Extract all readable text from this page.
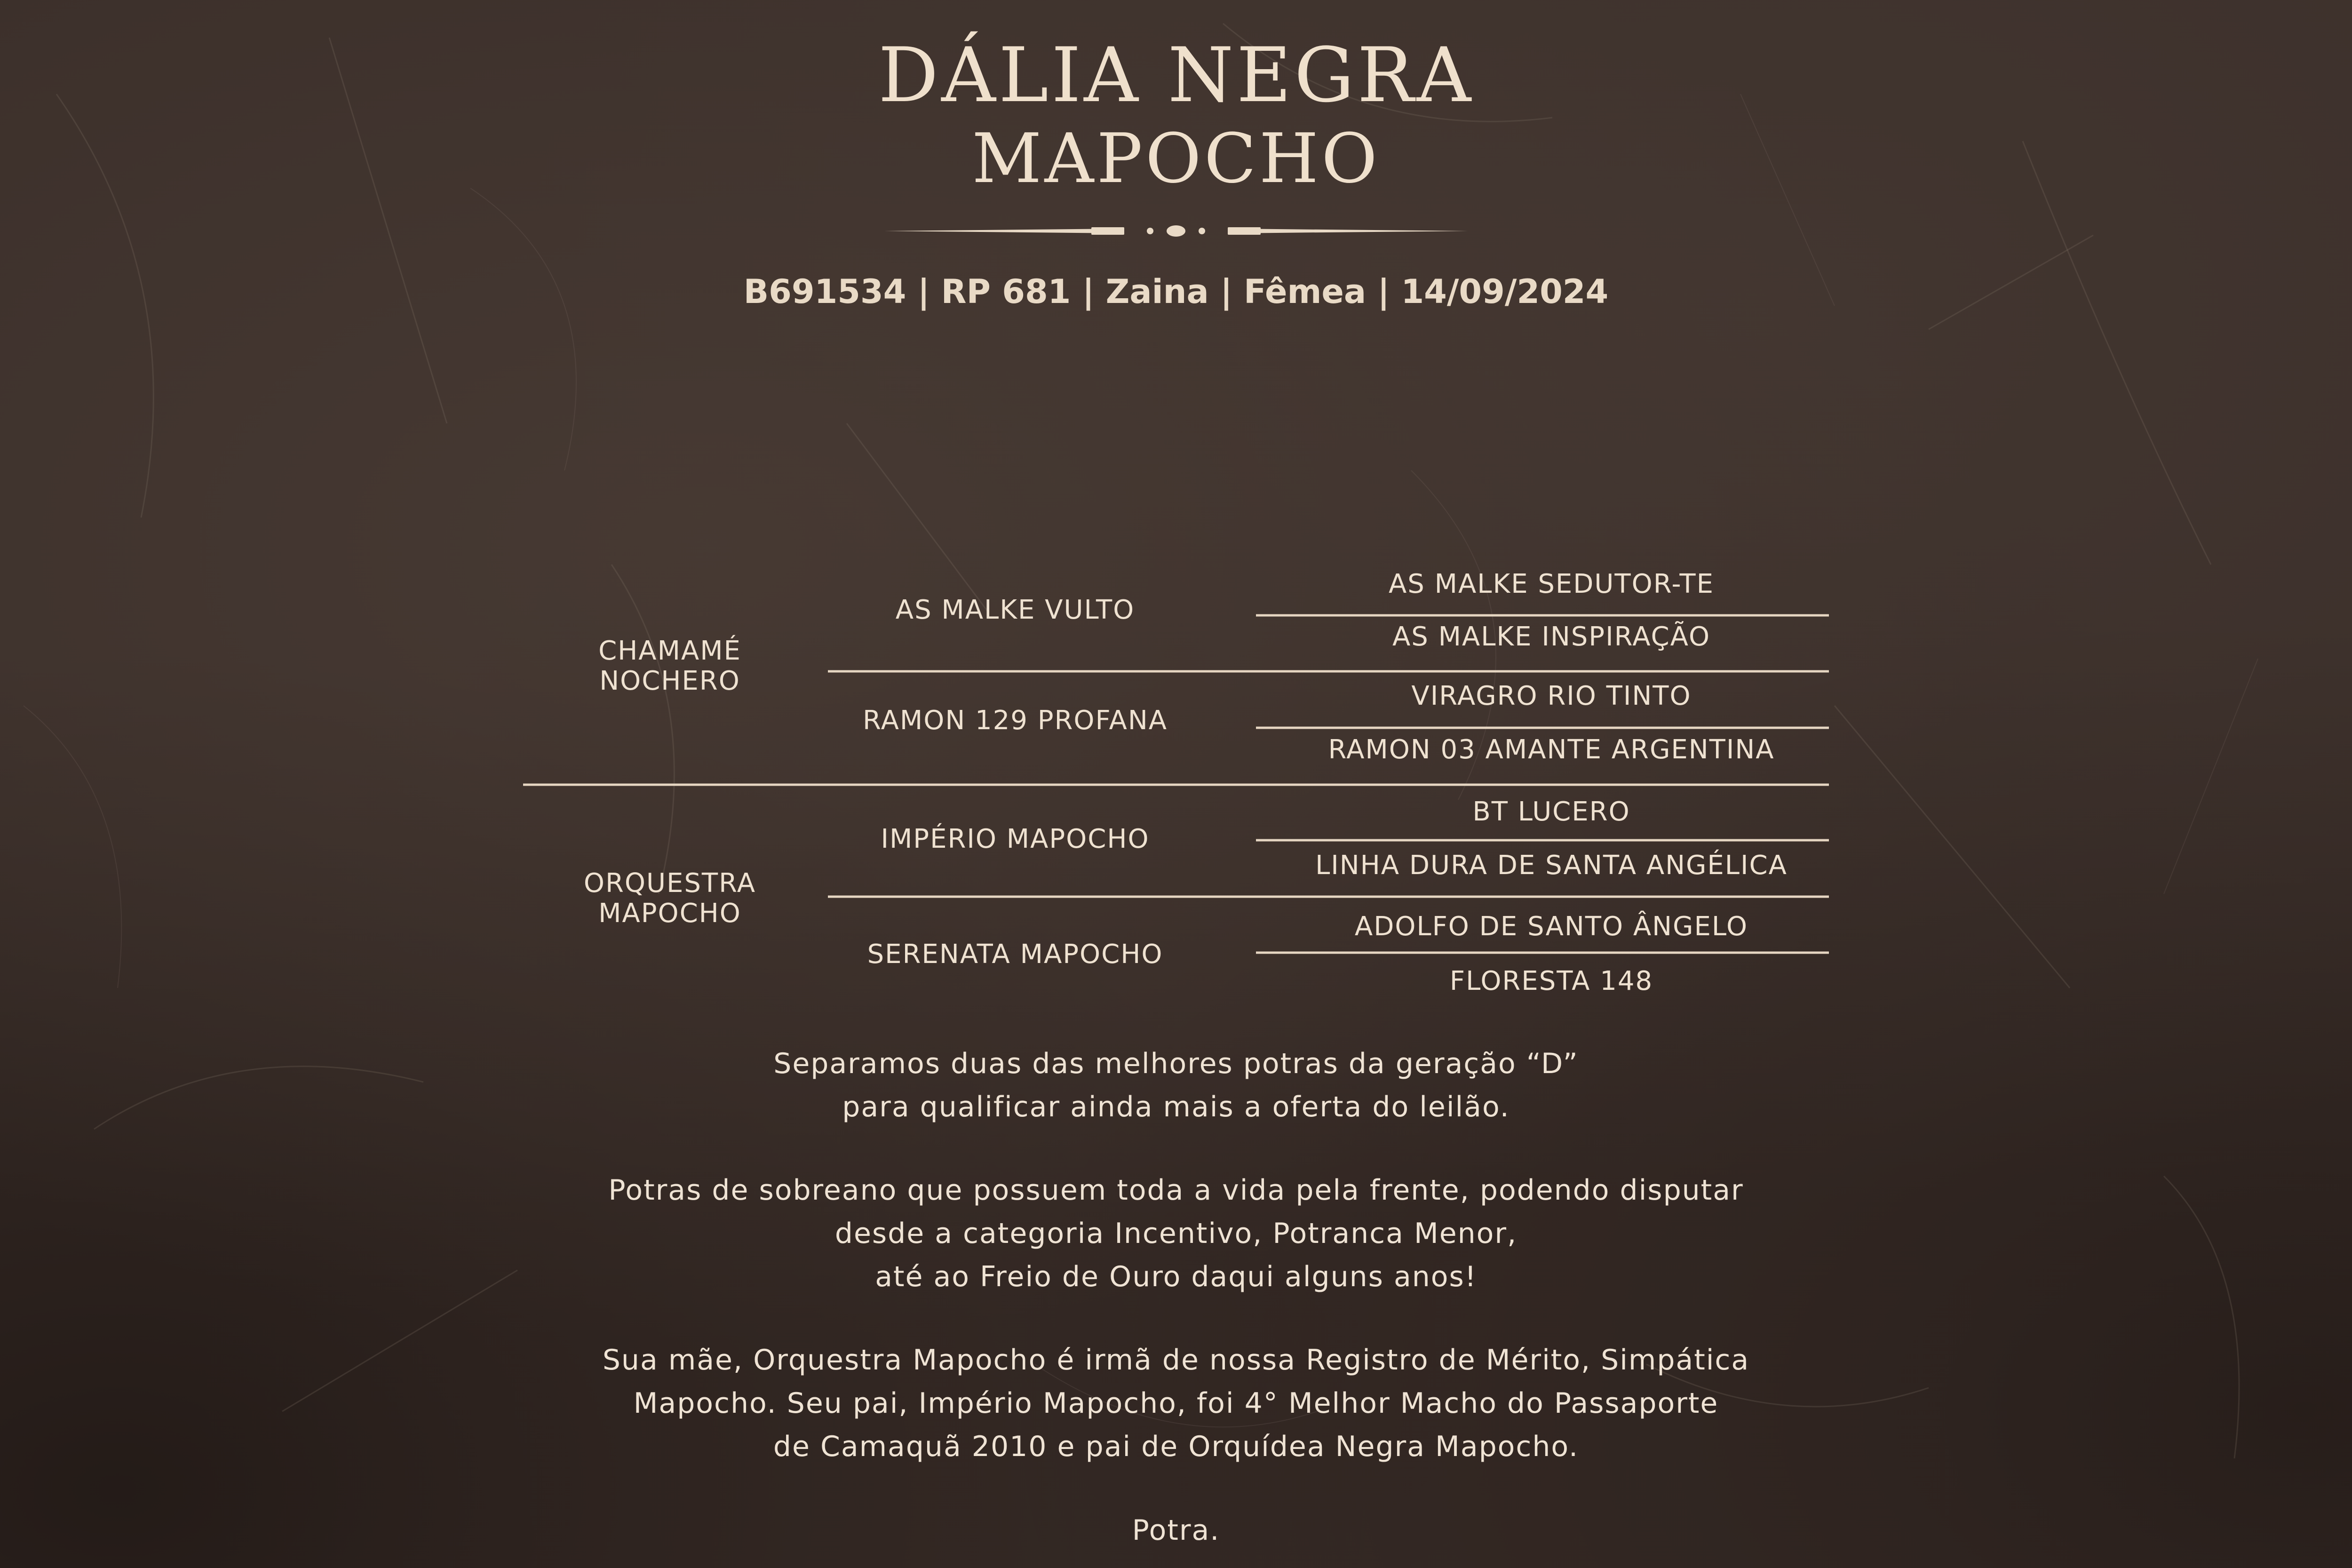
DÁLIA NEGRA
MAPOCHO
B691534 | RP 681 | Zaina | Fêmea | 14/09/2024
CHAMAMÉ NOCHERO
ORQUESTRA MAPOCHO
AS MALKE VULTO
RAMON 129 PROFANA
IMPÉRIO MAPOCHO
SERENATA MAPOCHO
AS MALKE SEDUTOR-TE
AS MALKE INSPIRAÇÃO
VIRAGRO RIO TINTO
RAMON 03 AMANTE ARGENTINA
BT LUCERO
LINHA DURA DE SANTA ANGÉLICA
ADOLFO DE SANTO ÂNGELO
FLORESTA 148

Separamos duas das melhores potras da geração “D”

para qualificar ainda mais a oferta do leilão.

Potras de sobreano que possuem toda a vida pela frente, podendo disputar

desde a categoria Incentivo, Potranca Menor,

até ao Freio de Ouro daqui alguns anos!

Sua mãe, Orquestra Mapocho é irmã de nossa Registro de Mérito, Simpática

Mapocho. Seu pai, Império Mapocho, foi 4° Melhor Macho do Passaporte

de Camaquã 2010 e pai de Orquídea Negra Mapocho.

Potra.
